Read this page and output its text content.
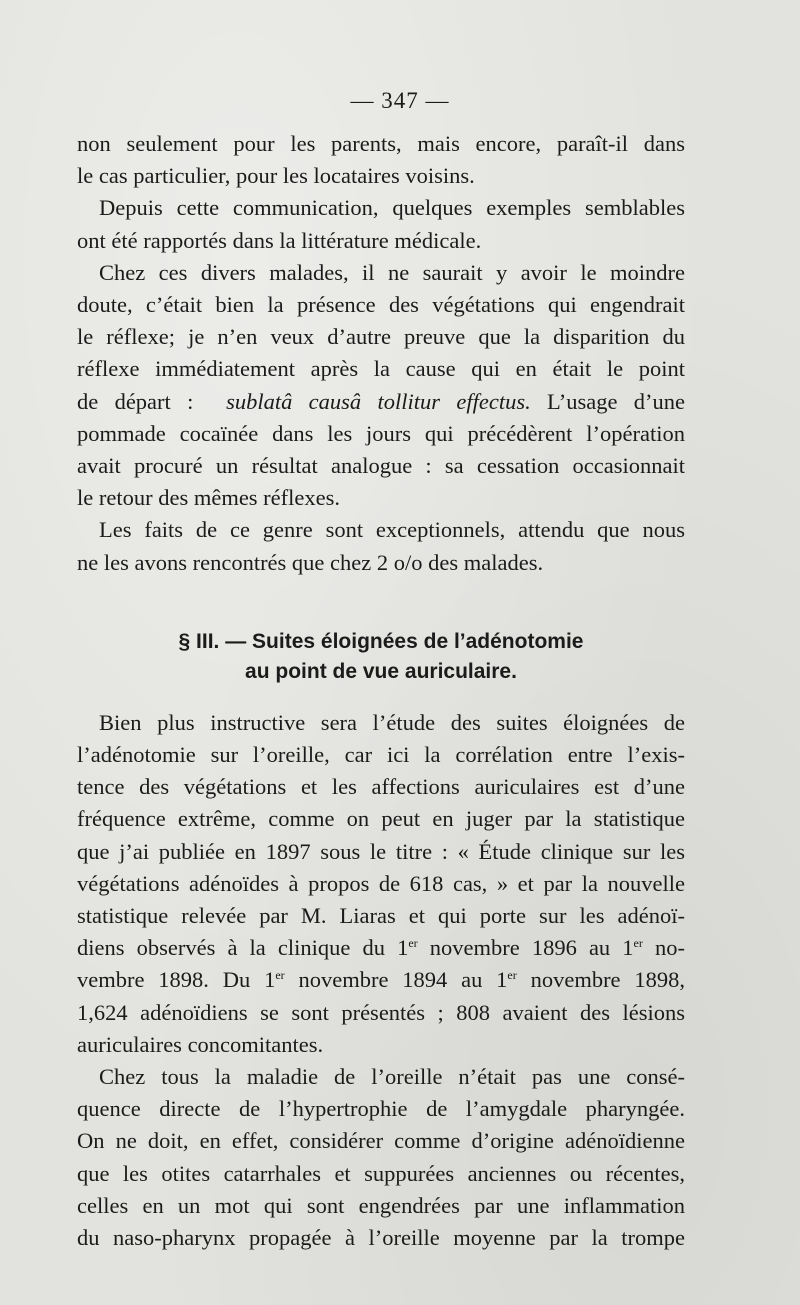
— 347 —

non seulement pour les parents, mais encore, paraît-il dans
le cas particulier, pour les locataires voisins.

Depuis cette communication, quelques exemples semblables
ont été rapportés dans la littérature médicale.

Chez ces divers malades, il ne saurait y avoir le moindre
doute, c’était bien la présence des végétations qui engendrait
le réflexe; je n’en veux d’autre preuve que la disparition du
réflexe immédiatement après la cause qui en était le point
de départ : sublatâ causâ tollitur effectus. L’usage d’une
pommade cocaïnée dans les jours qui précédèrent l’opération
avait procuré un résultat analogue : sa cessation occasionnait
le retour des mêmes réflexes.

Les faits de ce genre sont exceptionnels, attendu que nous
ne les avons rencontrés que chez 2 o/o des malades.

§ III. — Suites éloignées de l’adénotomie
au point de vue auriculaire.

Bien plus instructive sera l’étude des suites éloignées de
l’adénotomie sur l’oreille, car ici la corrélation entre l’exis-
tence des végétations et les affections auriculaires est d’une
fréquence extrême, comme on peut en juger par la statistique
que j’ai publiée en 1897 sous le titre : « Étude clinique sur les
végétations adénoïdes à propos de 618 cas, » et par la nouvelle
statistique relevée par M. Liaras et qui porte sur les adénoï-
diens observés à la clinique du 1er novembre 1896 au 1er no-
vembre 1898. Du 1er novembre 1894 au 1er novembre 1898,
1,624 adénoïdiens se sont présentés ; 808 avaient des lésions
auriculaires concomitantes.

Chez tous la maladie de l’oreille n’était pas une consé-
quence directe de l’hypertrophie de l’amygdale pharyngée.
On ne doit, en effet, considérer comme d’origine adénoïdienne
que les otites catarrhales et suppurées anciennes ou récentes,
celles en un mot qui sont engendrées par une inflammation
du naso-pharynx propagée à l’oreille moyenne par la trompe
